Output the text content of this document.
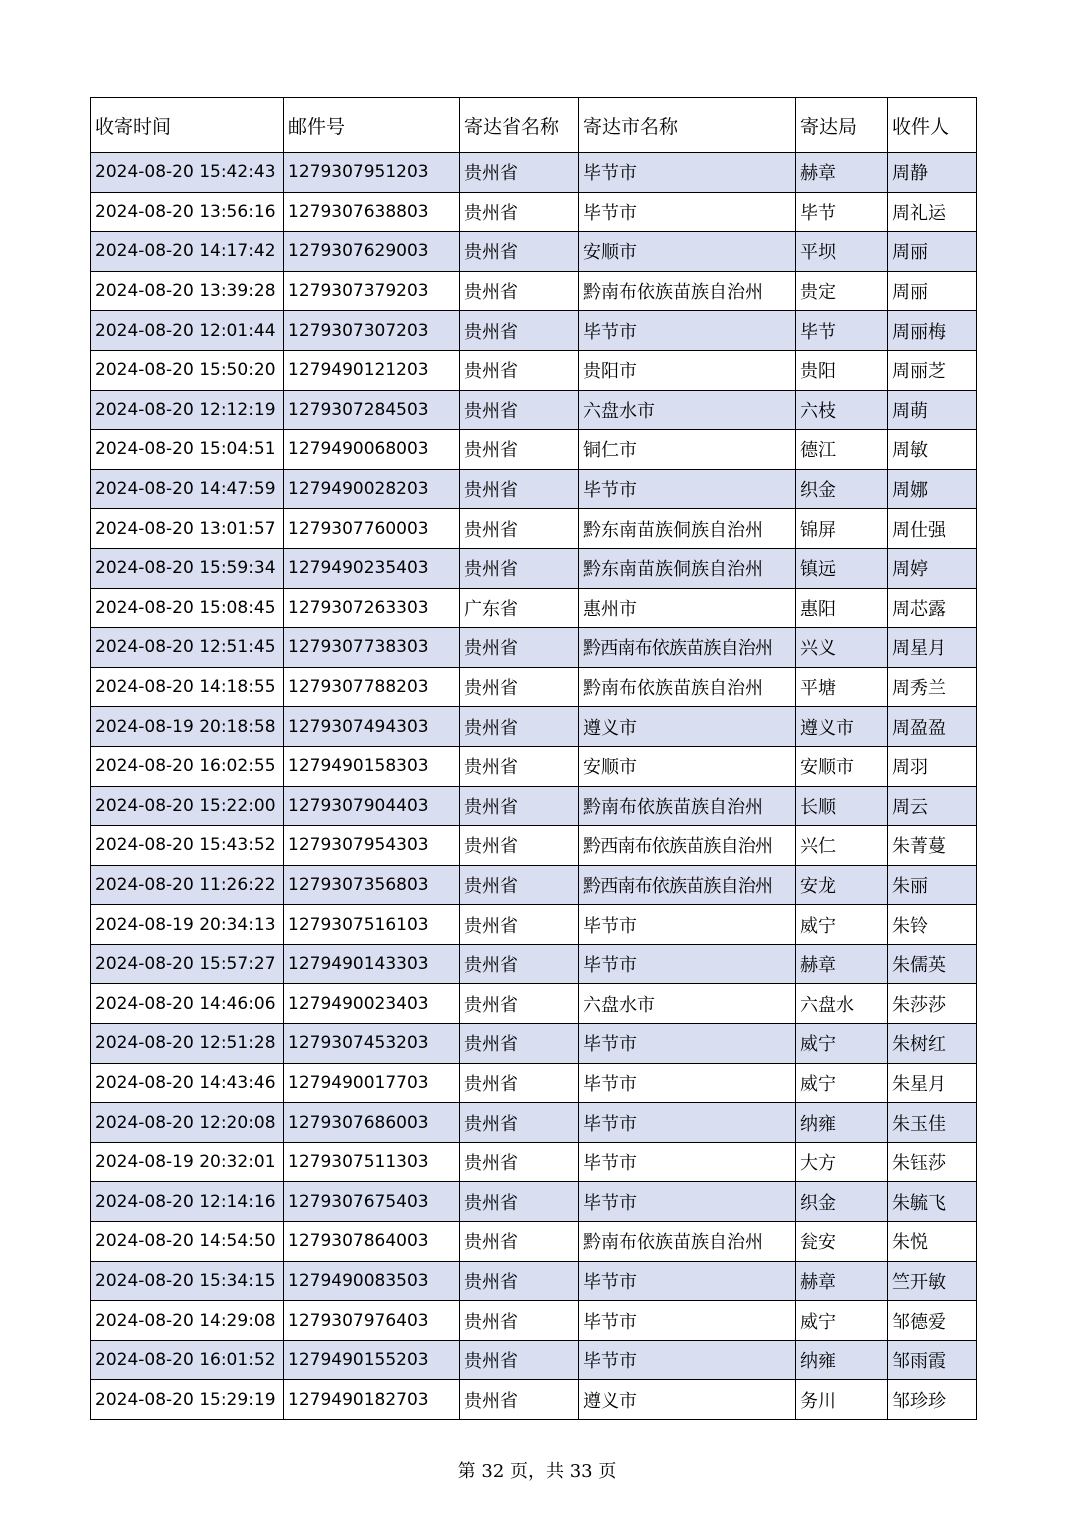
收寄时间	邮件号	寄达省名称	寄达市名称	寄达局	收件人
2024-08-20 15:42:43	1279307951203	贵州省	毕节市	赫章	周静
2024-08-20 13:56:16	1279307638803	贵州省	毕节市	毕节	周礼运
2024-08-20 14:17:42	1279307629003	贵州省	安顺市	平坝	周丽
2024-08-20 13:39:28	1279307379203	贵州省	黔南布依族苗族自治州	贵定	周丽
2024-08-20 12:01:44	1279307307203	贵州省	毕节市	毕节	周丽梅
2024-08-20 15:50:20	1279490121203	贵州省	贵阳市	贵阳	周丽芝
2024-08-20 12:12:19	1279307284503	贵州省	六盘水市	六枝	周萌
2024-08-20 15:04:51	1279490068003	贵州省	铜仁市	德江	周敏
2024-08-20 14:47:59	1279490028203	贵州省	毕节市	织金	周娜
2024-08-20 13:01:57	1279307760003	贵州省	黔东南苗族侗族自治州	锦屏	周仕强
2024-08-20 15:59:34	1279490235403	贵州省	黔东南苗族侗族自治州	镇远	周婷
2024-08-20 15:08:45	1279307263303	广东省	惠州市	惠阳	周芯露
2024-08-20 12:51:45	1279307738303	贵州省	黔西南布依族苗族自治州	兴义	周星月
2024-08-20 14:18:55	1279307788203	贵州省	黔南布依族苗族自治州	平塘	周秀兰
2024-08-19 20:18:58	1279307494303	贵州省	遵义市	遵义市	周盈盈
2024-08-20 16:02:55	1279490158303	贵州省	安顺市	安顺市	周羽
2024-08-20 15:22:00	1279307904403	贵州省	黔南布依族苗族自治州	长顺	周云
2024-08-20 15:43:52	1279307954303	贵州省	黔西南布依族苗族自治州	兴仁	朱菁蔓
2024-08-20 11:26:22	1279307356803	贵州省	黔西南布依族苗族自治州	安龙	朱丽
2024-08-19 20:34:13	1279307516103	贵州省	毕节市	威宁	朱铃
2024-08-20 15:57:27	1279490143303	贵州省	毕节市	赫章	朱儒英
2024-08-20 14:46:06	1279490023403	贵州省	六盘水市	六盘水	朱莎莎
2024-08-20 12:51:28	1279307453203	贵州省	毕节市	威宁	朱树红
2024-08-20 14:43:46	1279490017703	贵州省	毕节市	威宁	朱星月
2024-08-20 12:20:08	1279307686003	贵州省	毕节市	纳雍	朱玉佳
2024-08-19 20:32:01	1279307511303	贵州省	毕节市	大方	朱钰莎
2024-08-20 12:14:16	1279307675403	贵州省	毕节市	织金	朱毓飞
2024-08-20 14:54:50	1279307864003	贵州省	黔南布依族苗族自治州	瓮安	朱悦
2024-08-20 15:34:15	1279490083503	贵州省	毕节市	赫章	竺开敏
2024-08-20 14:29:08	1279307976403	贵州省	毕节市	威宁	邹德爱
2024-08-20 16:01:52	1279490155203	贵州省	毕节市	纳雍	邹雨霞
2024-08-20 15:29:19	1279490182703	贵州省	遵义市	务川	邹珍珍
第 32 页，共 33 页
